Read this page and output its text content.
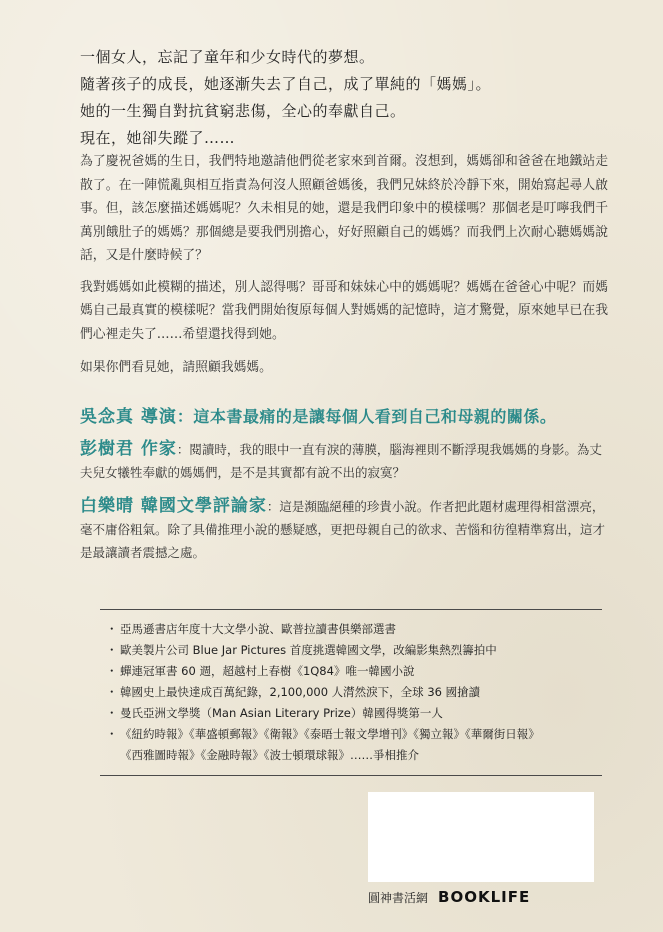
一個女人，忘記了童年和少女時代的夢想。

隨著孩子的成長，她逐漸失去了自己，成了單純的「媽媽」。

她的一生獨自對抗貧窮悲傷，全心的奉獻自己。

現在，她卻失蹤了……

為了慶祝爸媽的生日，我們特地邀請他們從老家來到首爾。沒想到，媽媽卻和爸爸在地鐵站走散了。在一陣慌亂與相互指責為何沒人照顧爸媽後，我們兄妹終於冷靜下來，開始寫起尋人啟事。但，該怎麼描述媽媽呢？久未相見的她，還是我們印象中的模樣嗎？那個老是叮嚀我們千萬別餓肚子的媽媽？那個總是要我們別擔心，好好照顧自己的媽媽？而我們上次耐心聽媽媽說話，又是什麼時候了？

我對媽媽如此模糊的描述，別人認得嗎？哥哥和妹妹心中的媽媽呢？媽媽在爸爸心中呢？而媽媽自己最真實的模樣呢？當我們開始復原每個人對媽媽的記憶時，這才驚覺，原來她早已在我們心裡走失了……希望還找得到她。

如果你們看見她，請照顧我媽媽。

吳念真 導演：這本書最痛的是讓每個人看到自己和母親的關係。
彭樹君 作家：閱讀時，我的眼中一直有淚的薄膜，腦海裡則不斷浮現我媽媽的身影。為丈夫兒女犧牲奉獻的媽媽們，是不是其實都有說不出的寂寞？
白樂晴 韓國文學評論家：這是瀕臨絕種的珍貴小說。作者把此題材處理得相當漂亮，毫不庸俗粗氣。除了具備推理小說的懸疑感，更把母親自己的欲求、苦惱和彷徨精準寫出，這才是最讓讀者震撼之處。
・ 亞馬遜書店年度十大文學小說、歐普拉讀書俱樂部選書
・ 歐美製片公司 Blue Jar Pictures 首度挑選韓國文學，改編影集熱烈籌拍中
・ 蟬連冠軍書 60 週，超越村上春樹《1Q84》唯一韓國小說
・ 韓國史上最快達成百萬紀錄，2,100,000 人潸然淚下，全球 36 國搶讀
・ 曼氏亞洲文學獎（Man Asian Literary Prize）韓國得獎第一人
・ 《紐約時報》《華盛頓郵報》《衛報》《泰晤士報文學增刊》《獨立報》《華爾街日報》
《西雅圖時報》《金融時報》《波士頓環球報》……爭相推介
圓神書活網 BOOKLIFE
